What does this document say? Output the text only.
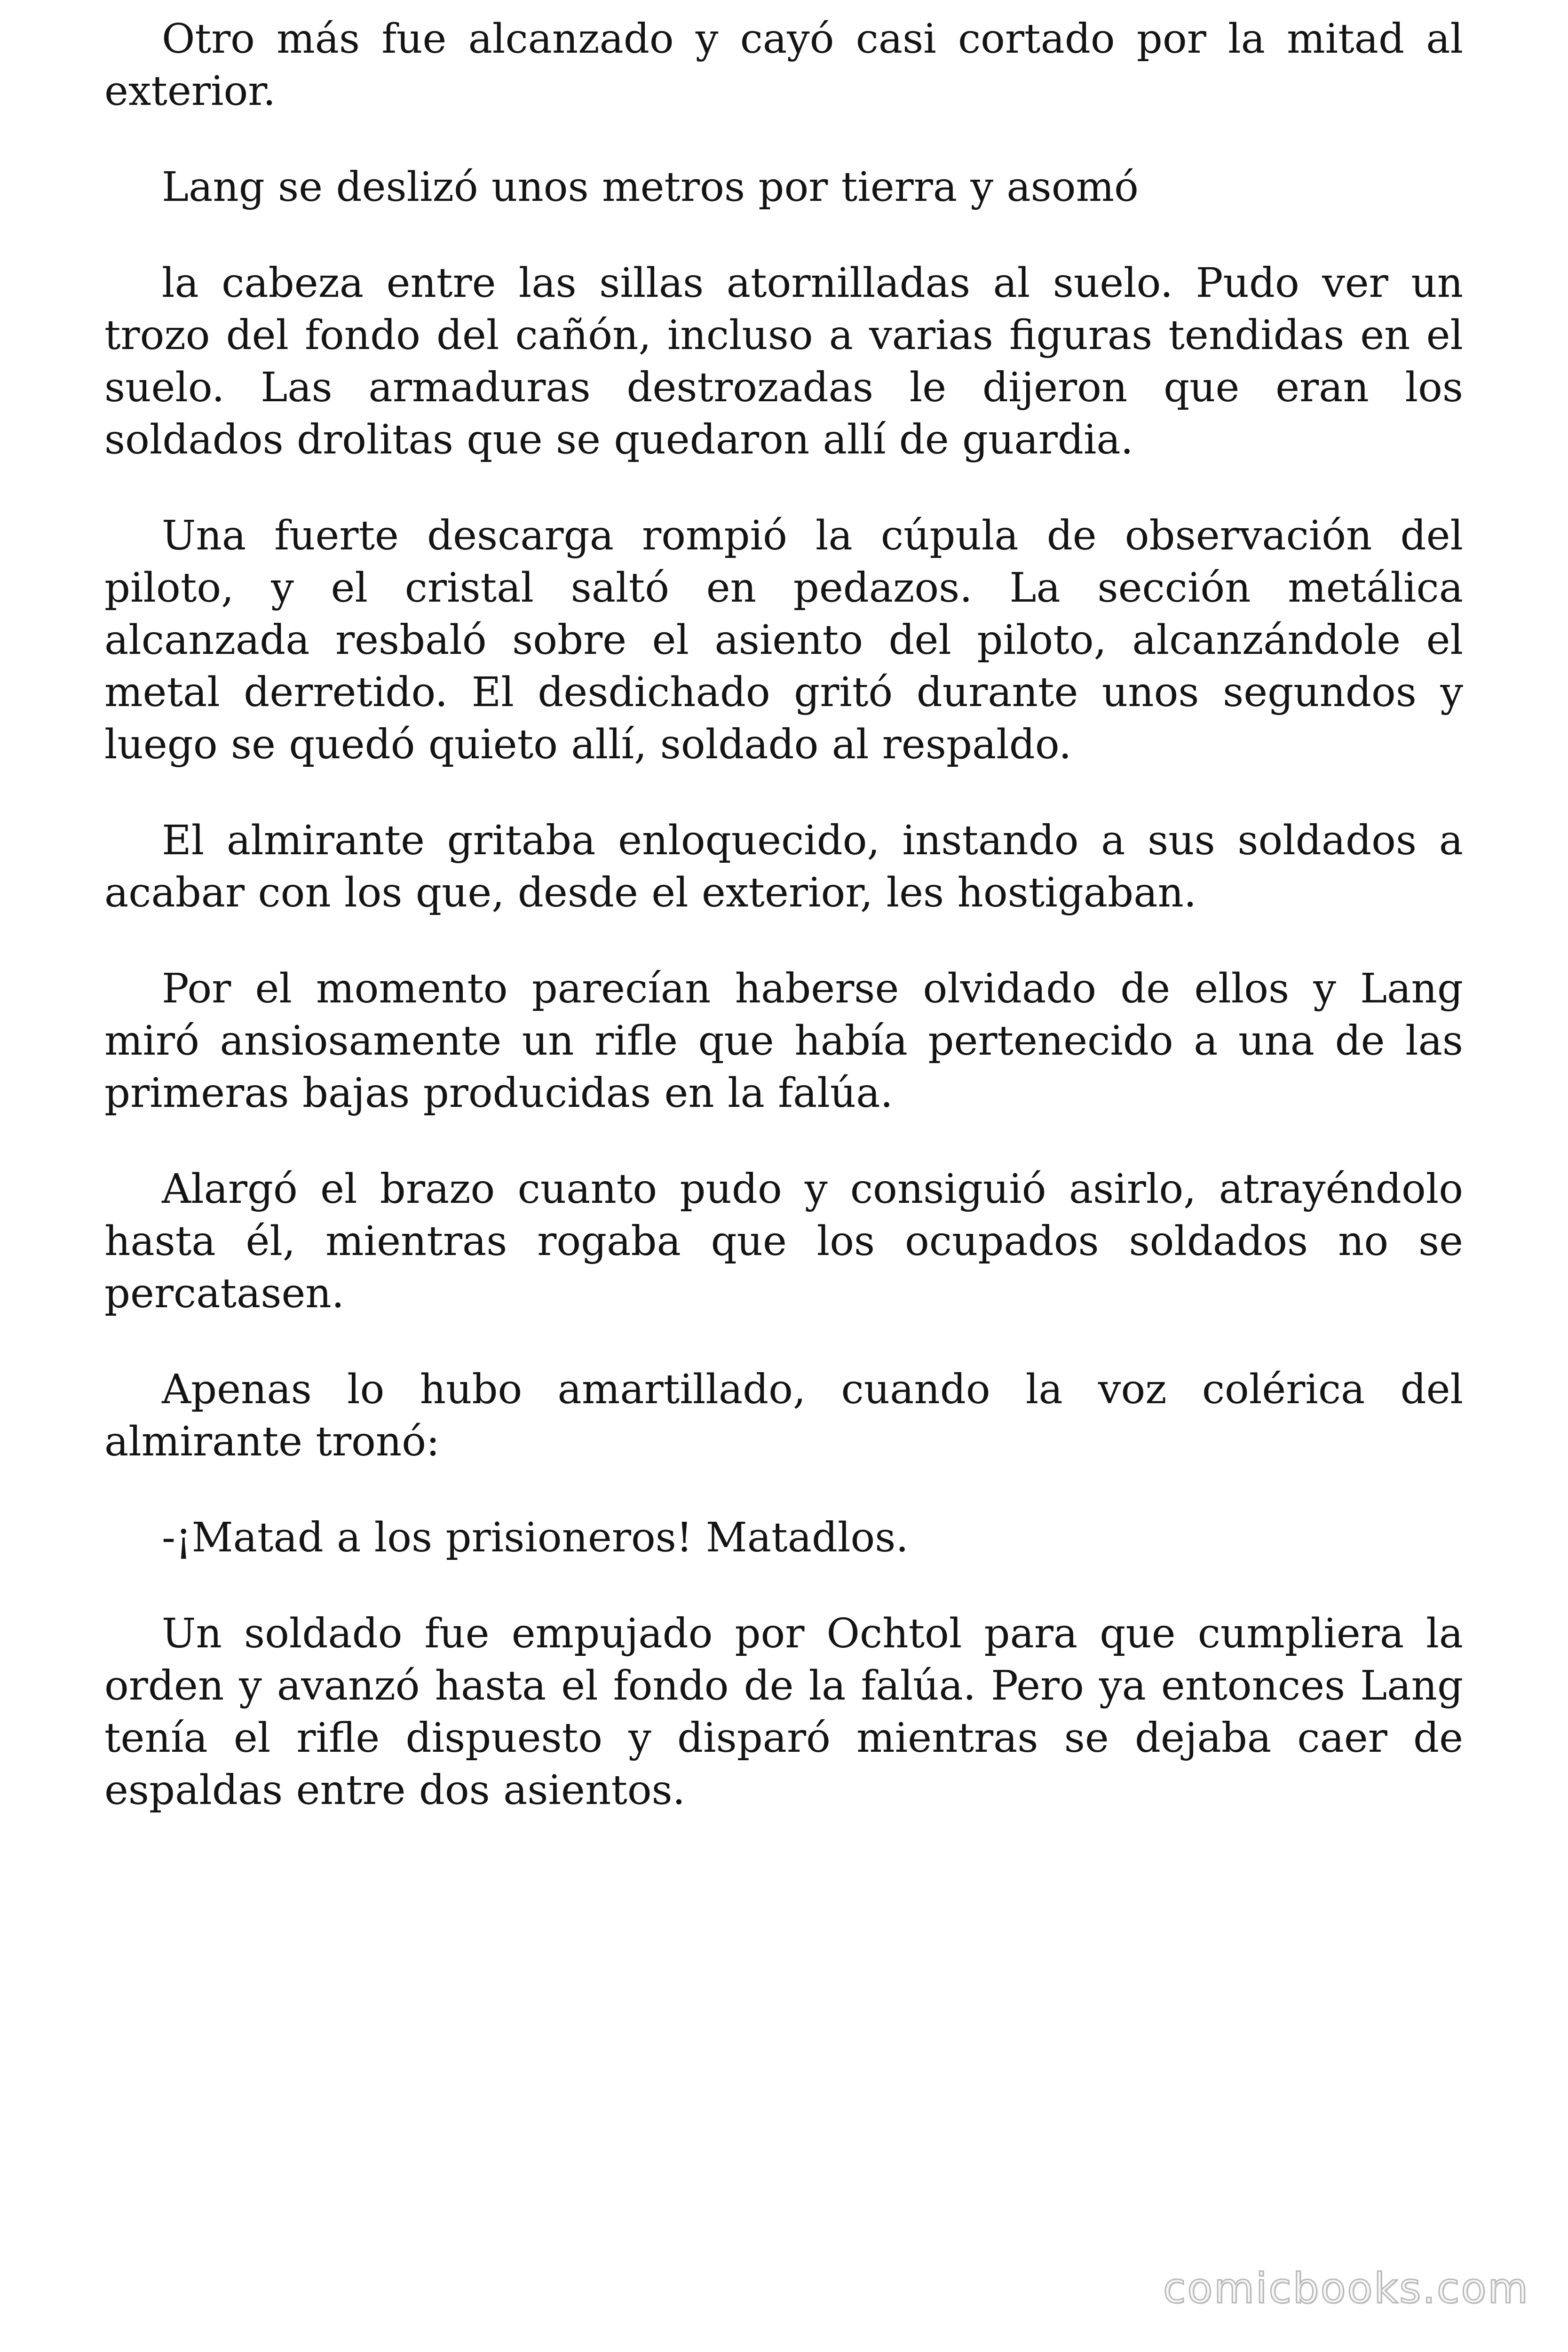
Otro más fue alcanzado y cayó casi cortado por la mitad al exterior.

Lang se deslizó unos metros por tierra y asomó

la cabeza entre las sillas atornilladas al suelo. Pudo ver un trozo del fondo del cañón, incluso a varias figuras tendidas en el suelo. Las armaduras destrozadas le dijeron que eran los soldados drolitas que se quedaron allí de guardia.

Una fuerte descarga rompió la cúpula de observación del piloto, y el cristal saltó en pedazos. La sección metálica alcanzada resbaló sobre el asiento del piloto, alcanzándole el metal derretido. El desdichado gritó durante unos segundos y luego se quedó quieto allí, soldado al respaldo.

El almirante gritaba enloquecido, instando a sus soldados a acabar con los que, desde el exterior, les hostigaban.

Por el momento parecían haberse olvidado de ellos y Lang miró ansiosamente un rifle que había pertenecido a una de las primeras bajas producidas en la falúa.

Alargó el brazo cuanto pudo y consiguió asirlo, atrayéndolo hasta él, mientras rogaba que los ocupados soldados no se percatasen.

Apenas lo hubo amartillado, cuando la voz colérica del almirante tronó:

-¡Matad a los prisioneros! Matadlos.

Un soldado fue empujado por Ochtol para que cumpliera la orden y avanzó hasta el fondo de la falúa. Pero ya entonces Lang tenía el rifle dispuesto y disparó mientras se dejaba caer de espaldas entre dos asientos.

comicbooks.com
